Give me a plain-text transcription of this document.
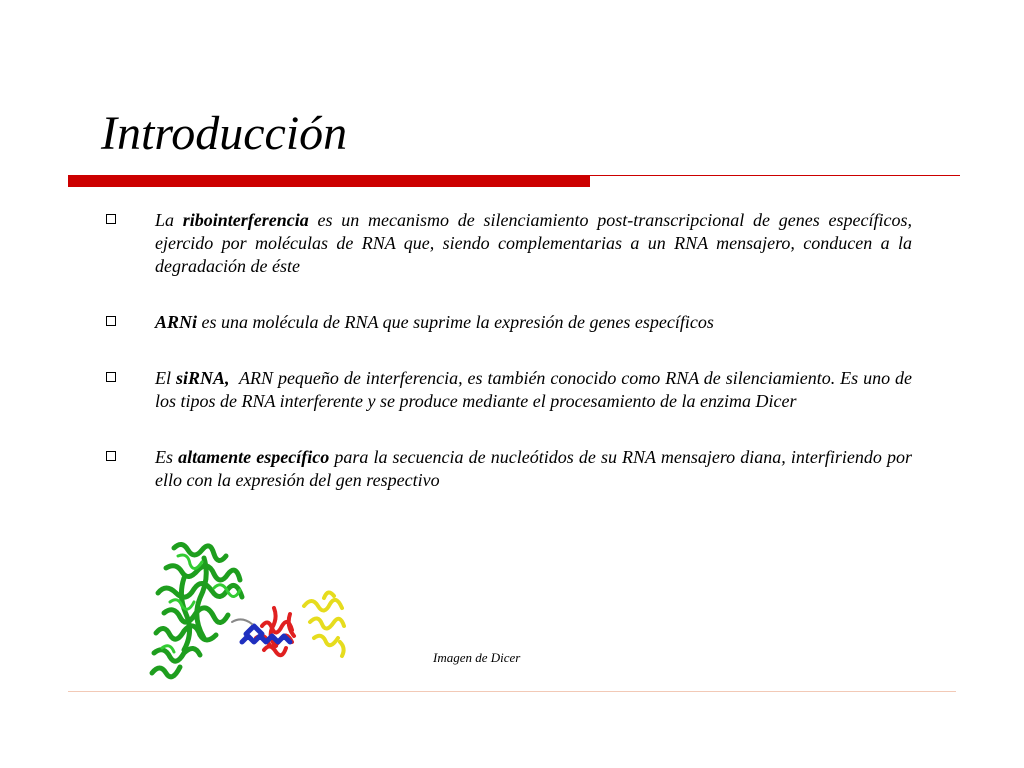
Introducción
La ribointerferencia es un mecanismo de silenciamiento post-transcripcional de genes específicos, ejercido por moléculas de RNA que, siendo complementarias a un RNA mensajero, conducen a la degradación de éste
ARNi es una molécula de RNA que suprime la expresión de genes específicos
El siRNA,  ARN pequeño de interferencia, es también conocido como RNA de silenciamiento. Es uno de los tipos de RNA interferente y se produce mediante el procesamiento de la enzima Dicer
Es altamente específico para la secuencia de nucleótidos de su RNA mensajero diana, interfiriendo por ello con la expresión del gen respectivo
Imagen de Dicer
